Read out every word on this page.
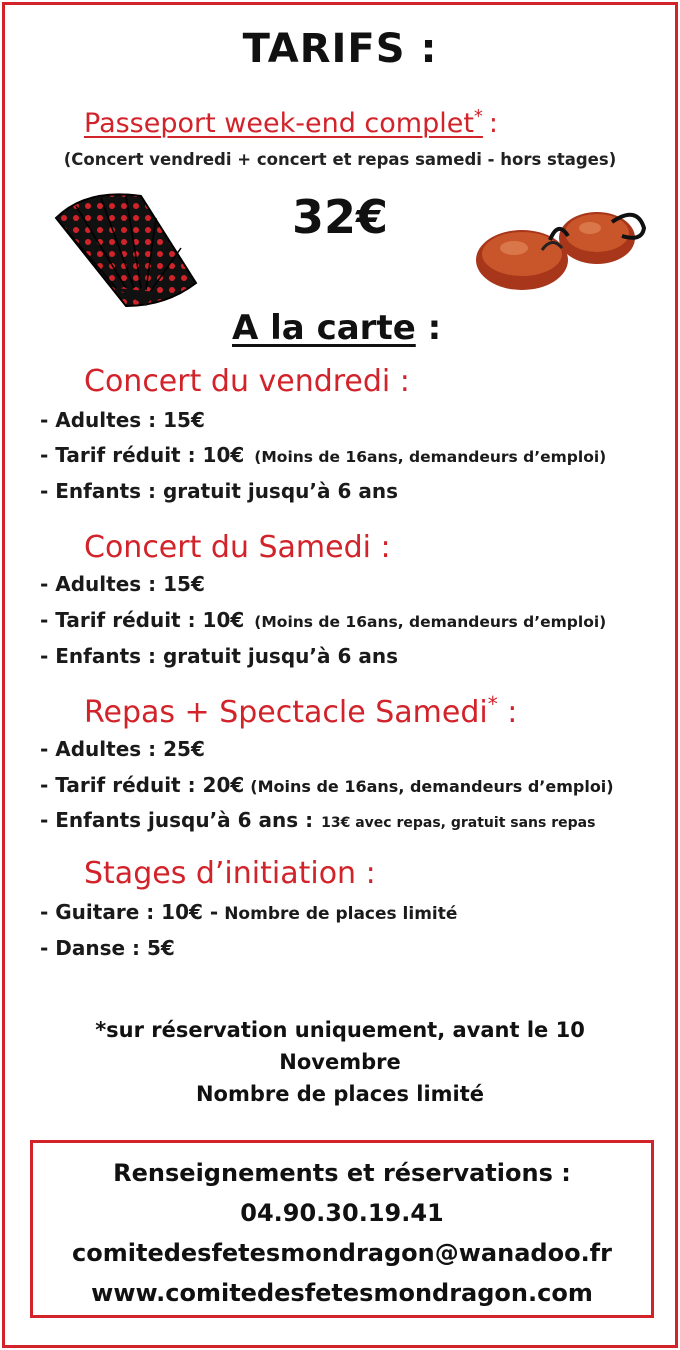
TARIFS :
Passeport week-end complet* :
(Concert vendredi + concert et repas samedi - hors stages)
32€
A la carte :
Concert du vendredi :
- Adultes : 15€
- Tarif réduit : 10€ (Moins de 16ans, demandeurs d’emploi)
- Enfants : gratuit jusqu’à 6 ans
Concert du Samedi :
- Adultes : 15€
- Tarif réduit : 10€ (Moins de 16ans, demandeurs d’emploi)
- Enfants : gratuit jusqu’à 6 ans
Repas + Spectacle Samedi* :
- Adultes : 25€
- Tarif réduit : 20€ (Moins de 16ans, demandeurs d’emploi)
- Enfants jusqu’à 6 ans : 13€ avec repas, gratuit sans repas
Stages d’initiation :
- Guitare : 10€ - Nombre de places limité
- Danse : 5€
*sur réservation uniquement, avant le 10
Novembre
Nombre de places limité
Renseignements et réservations :
04.90.30.19.41
comitedesfetesmondragon@wanadoo.fr
www.comitedesfetesmondragon.com
